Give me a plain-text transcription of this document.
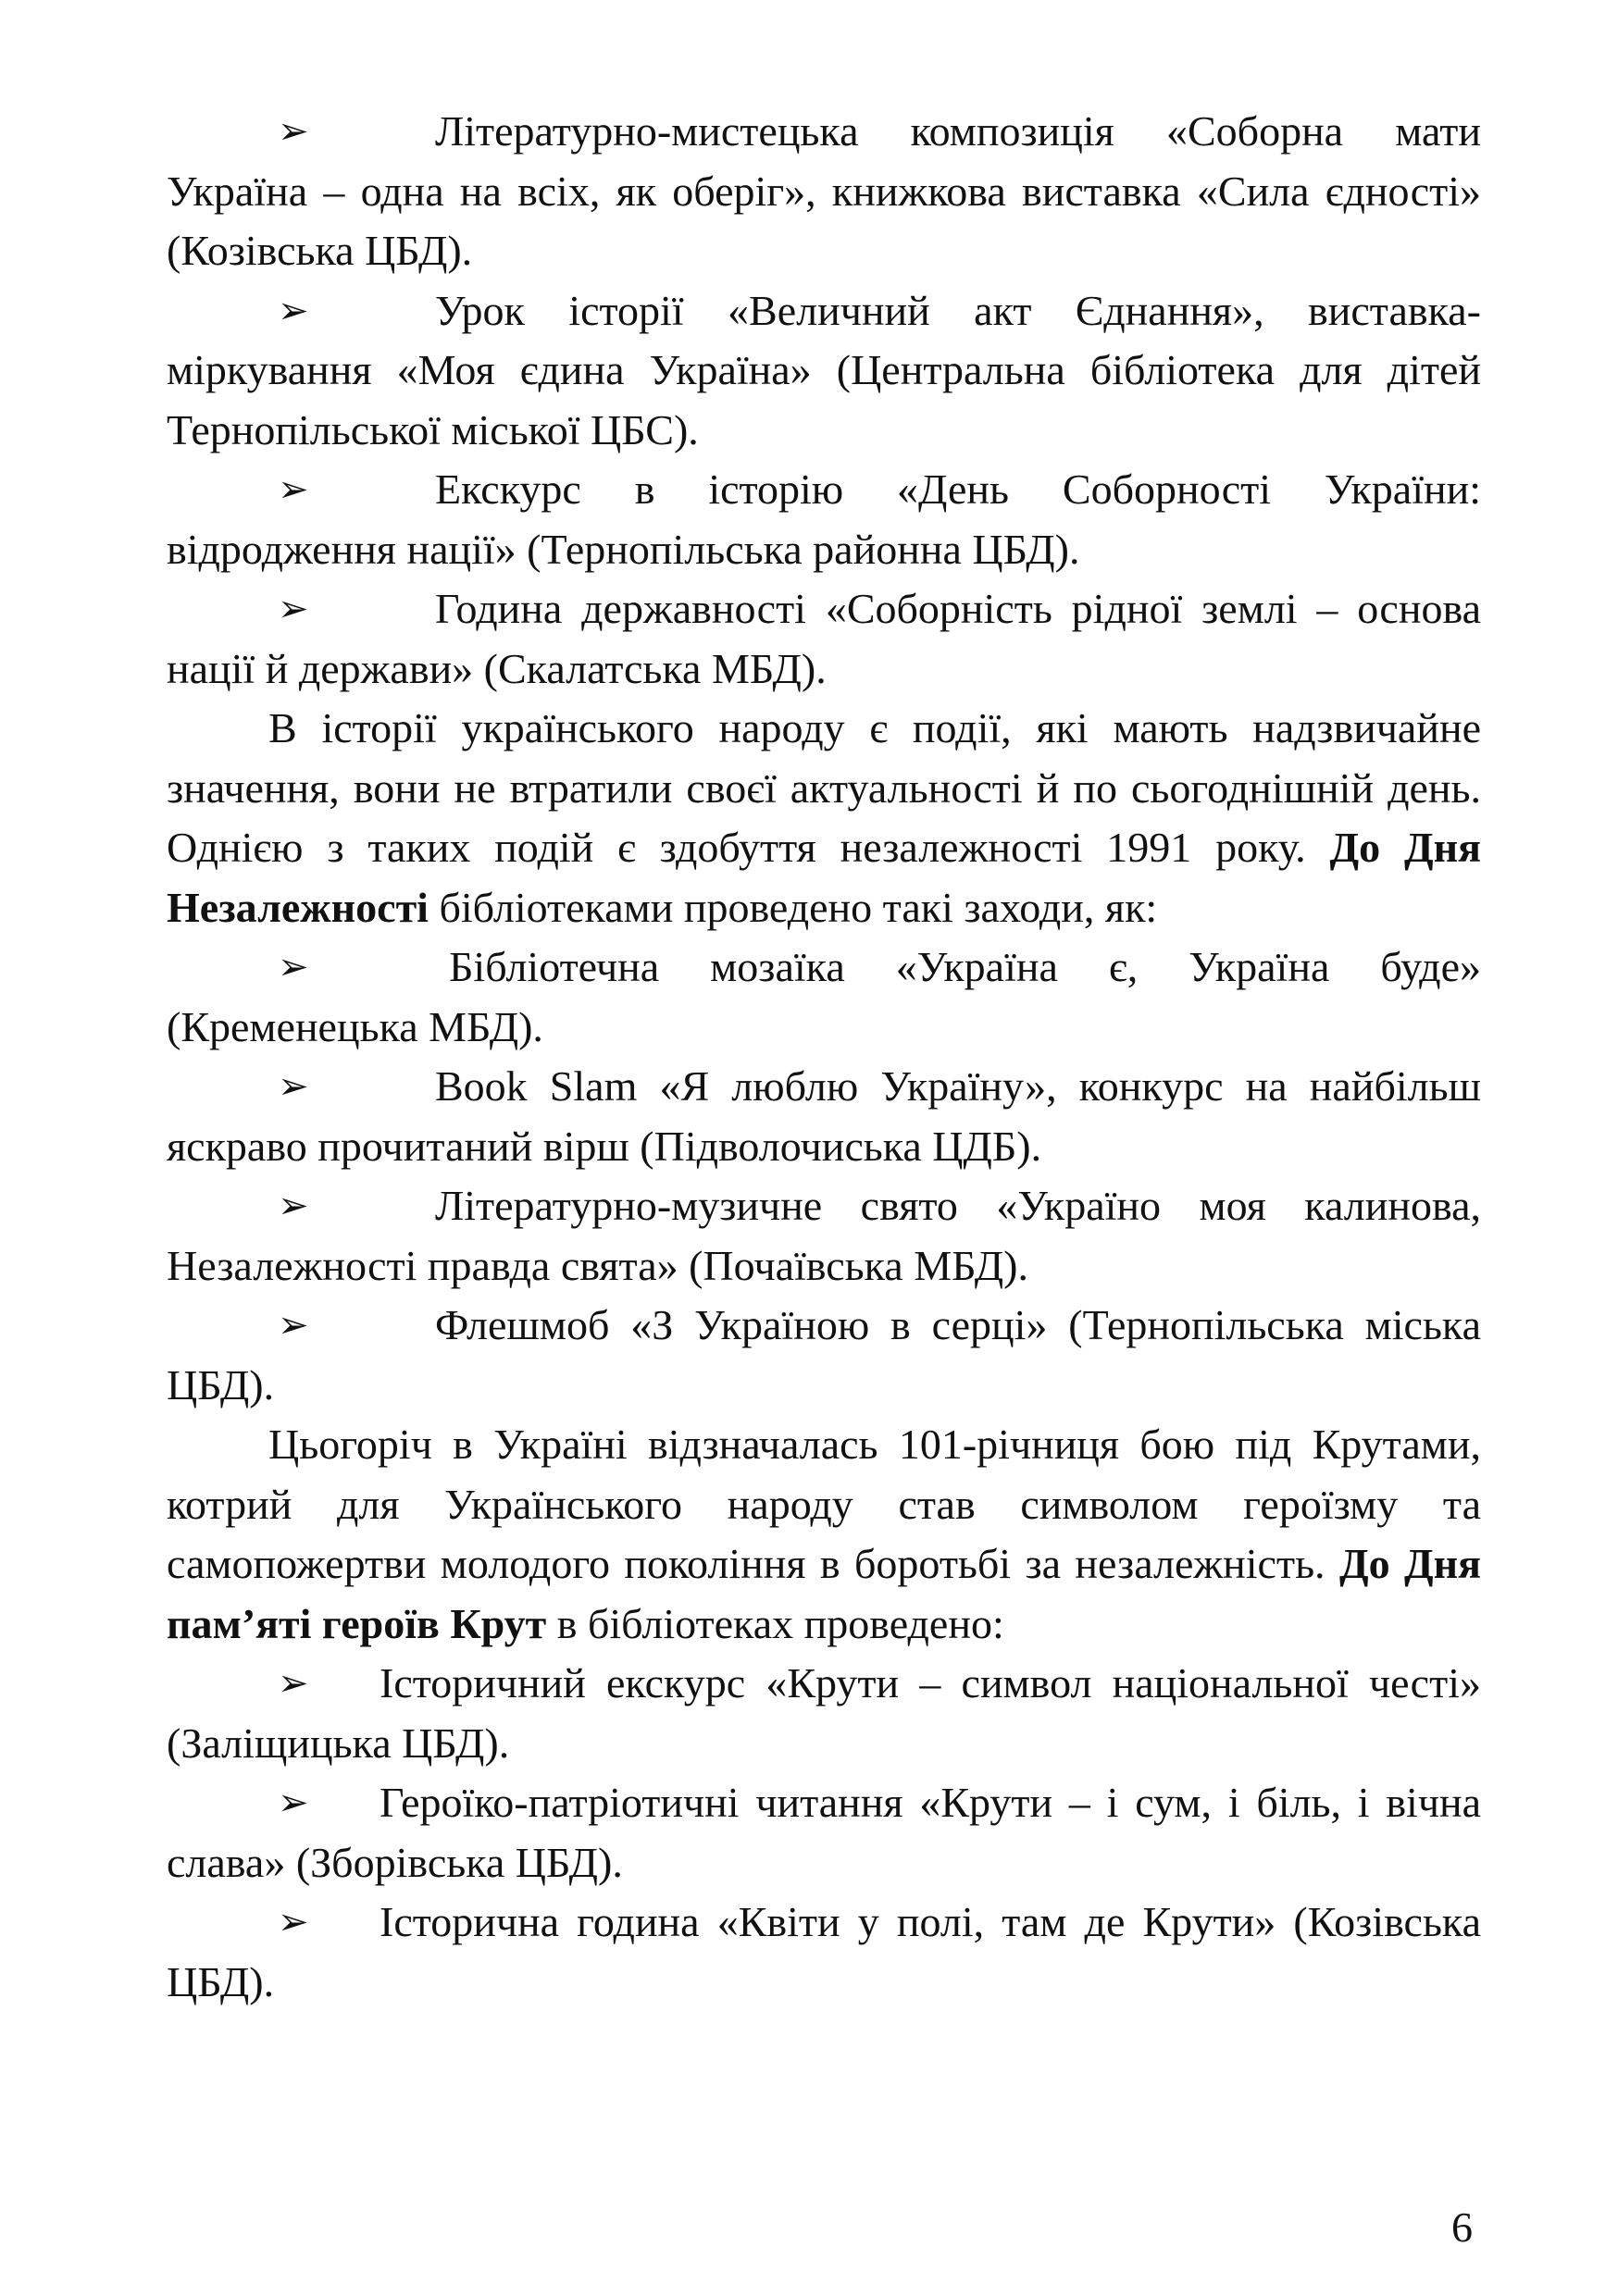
➢	Літературно-мистецька композиція «Соборна мати Україна – одна на всіх, як оберіг», книжкова виставка «Сила єдності» (Козівська ЦБД).

➢	Урок історії «Величний акт Єднання», виставка-міркування «Моя єдина Україна» (Центральна бібліотека для дітей Тернопільської міської ЦБС).

➢	Екскурс в історію «День Соборності України: відродження нації» (Тернопільська районна ЦБД).

➢	Година державності «Соборність рідної землі – основа нації й держави» (Скалатська МБД).

В історії українського народу є події, які мають надзвичайне значення, вони не втратили своєї актуальності й по сьогоднішній день. Однією з таких подій є здобуття незалежності 1991 року. До Дня Незалежності бібліотеками проведено такі заходи, як:

➢	Бібліотечна мозаїка «Україна є, Україна буде» (Кременецька МБД).

➢	Book Slam «Я люблю Україну», конкурс на найбільш яскраво прочитаний вірш (Підволочиська ЦДБ).

➢	Літературно-музичне свято «Україно моя калинова, Незалежності правда свята» (Почаївська МБД).

➢	Флешмоб «З Україною в серці» (Тернопільська міська ЦБД).

Цьогоріч в Україні відзначалась 101-річниця бою під Крутами, котрий для Українського народу став символом героїзму та самопожертви молодого покоління в боротьбі за незалежність. До Дня пам’яті героїв Крут в бібліотеках проведено:

➢	Історичний екскурс «Крути – символ національної честі» (Заліщицька ЦБД).

➢	Героїко-патріотичні читання «Крути – і сум, і біль, і вічна слава» (Зборівська ЦБД).

➢	Історична година «Квіти у полі, там де Крути» (Козівська ЦБД).

6
